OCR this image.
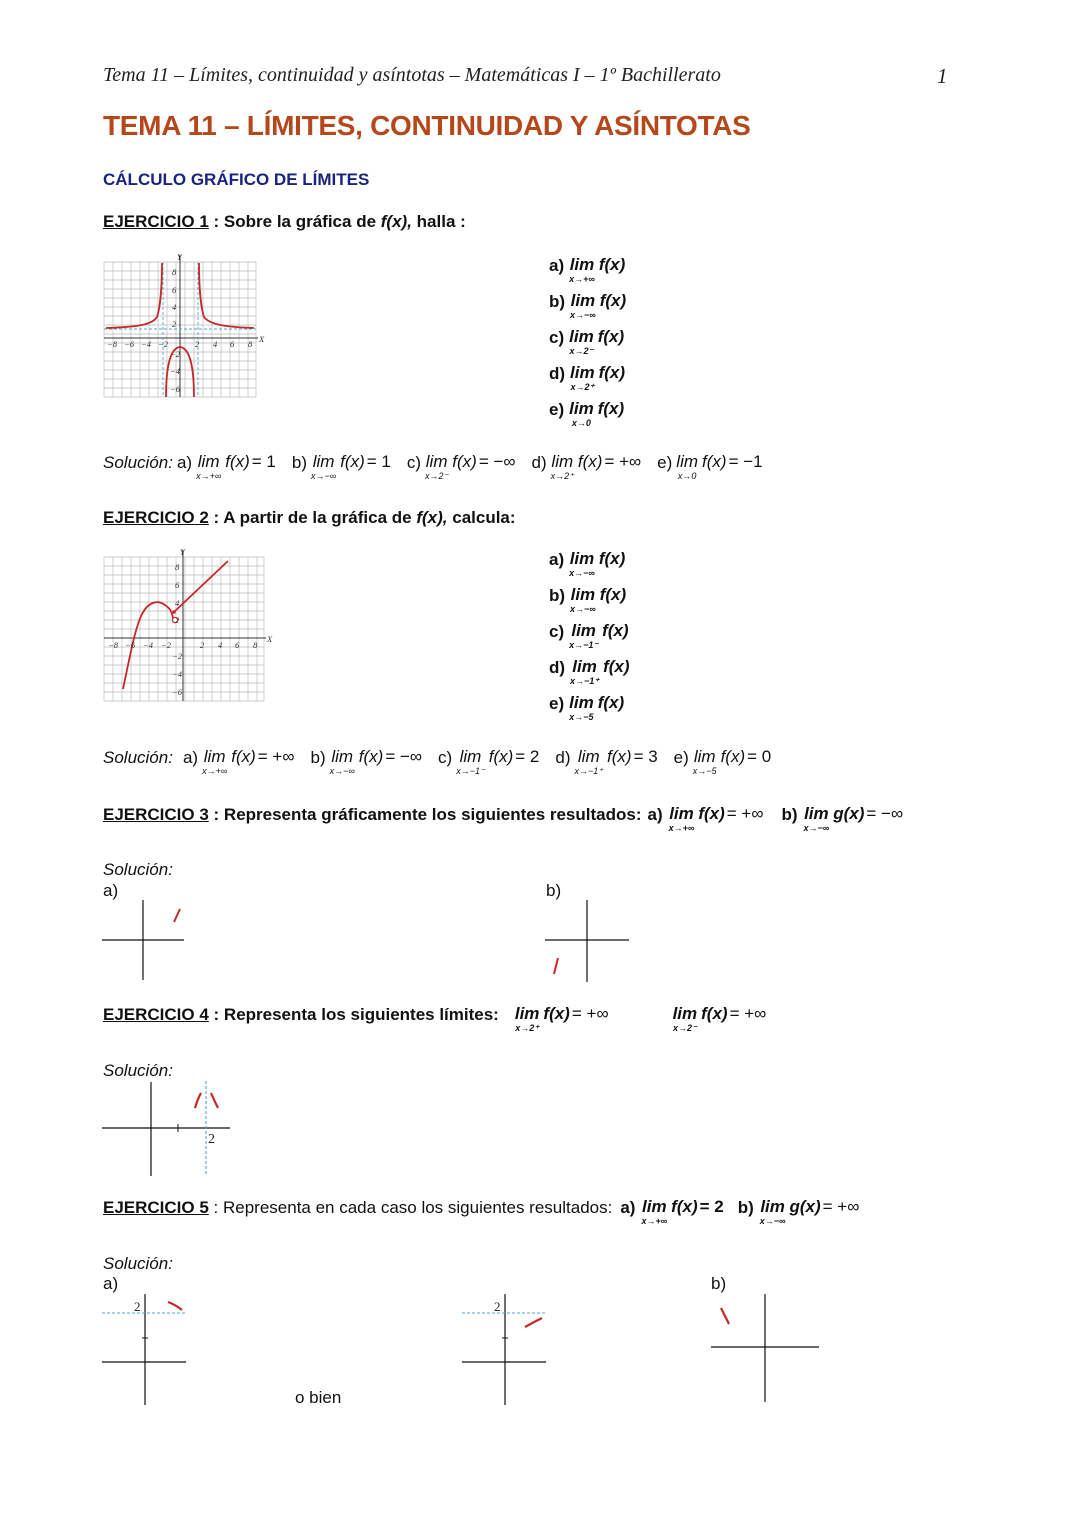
Tema 11 – Límites, continuidad y asíntotas – Matemáticas I – 1º Bachillerato	1
TEMA 11 – LÍMITES, CONTINUIDAD Y ASÍNTOTAS
CÁLCULO GRÁFICO DE LÍMITES
EJERCICIO 1 : Sobre la gráfica de f(x), halla :
Y
X
8
6
4
2
−8 −6 −4 −2	2 4 6 8
−2
−4
−6
a) lim
x→+∞
f(x)
b) lim
x→−∞
f(x)
c) lim
x→2⁻
f(x)
d) lim
x→2⁺
f(x)
e) lim
x→0
f(x)
Solución: a) lim
x→+∞
f(x) = 1 b) lim
x→−∞
f(x) = 1 c) lim
x→2⁻
f(x) = −∞ d) lim
x→2⁺
f(x) = +∞ e) lim
x→0
f(x) = −1
EJERCICIO 2 : A partir de la gráfica de f(x), calcula:
Y
X
8
6
4
2
−8 −6 −4 −2	2 4 6 8
−2
−4
−6
a) lim
x→−∞
f(x)
b) lim
x→−∞
f(x)
c) lim
x→−1⁻
f(x)
d) lim
x→−1⁺
f(x)
e) lim
x→−5
f(x)
Solución: a) lim
x→+∞
f(x) = +∞ b) lim
x→−∞
f(x) = −∞ c) lim
x→−1⁻
f(x) = 2 d) lim
x→−1⁺
f(x) = 3 e) lim
x→−5
f(x) = 0
EJERCICIO 3 : Representa gráficamente los siguientes resultados: a) lim
x→+∞
f (x) = +∞ b) lim
x→−∞
g (x) = −∞
Solución:
a)	b)
EJERCICIO 4 : Representa los siguientes límites: lim
x→2⁺
f(x) = +∞	lim
x→2⁻
f(x) = +∞
Solución:
2
EJERCICIO 5 : Representa en cada caso los siguientes resultados: a) lim
x→+∞
f (x) = 2 b) lim
x→−∞
g (x) = +∞
Solución:
a)	b)
2
o bien
2
